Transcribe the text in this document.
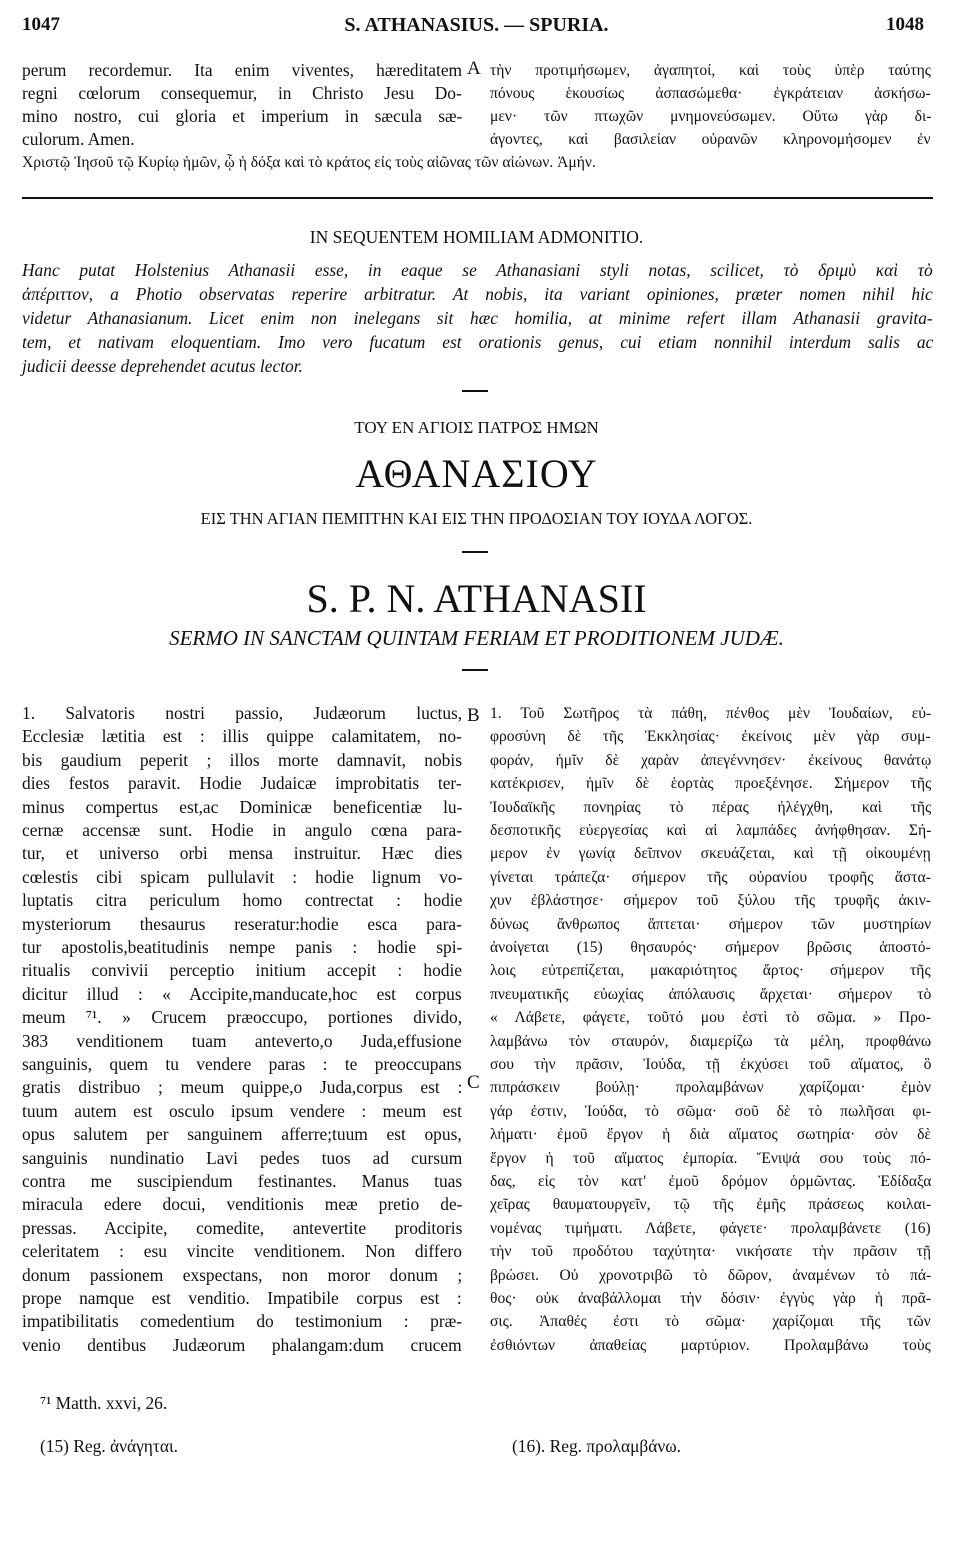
1047	S. ATHANASIUS. — SPURIA.	1048
perum recordemur. Ita enim viventes, hæreditatem
regni cœlorum consequemur, in Christo Jesu Do-
mino nostro, cui gloria et imperium in sæcula sæ-
culorum. Amen.
A τὴν προτιμήσωμεν, ἀγαπητοί, καὶ τοὺς ὑπὲρ ταύτης
πόνους ἑκουσίως ἀσπασώμεθα· ἐγκράτειαν ἀσκήσω-
μεν· τῶν πτωχῶν μνημονεύσωμεν. Οὕτω γὰρ δι-
άγοντες, καὶ βασιλείαν οὐρανῶν κληρονομήσομεν ἐν
Χριστῷ Ἰησοῦ τῷ Κυρίῳ ἡμῶν, ᾧ ἡ δόξα καὶ τὸ κράτος εἰς τοὺς αἰῶνας τῶν αἰώνων. Ἀμήν.
IN SEQUENTEM HOMILIAM ADMONITIO.
Hanc putat Holstenius Athanasii esse, in eaque se Athanasiani styli notas, scilicet, τὸ δριμὺ καὶ τὸ
ἀπέριττον, a Photio observatas reperire arbitratur. At nobis, ita variant opiniones, præter nomen nihil hic
videtur Athanasianum. Licet enim non inelegans sit hæc homilia, at minime refert illam Athanasii gravita-
tem, et nativam eloquentiam. Imo vero fucatum est orationis genus, cui etiam nonnihil interdum salis ac
judicii deesse deprehendet acutus lector.
ΤΟΥ ΕΝ ΑΓΙΟΙΣ ΠΑΤΡΟΣ ΗΜΩΝ
ΑΘΑΝΑΣΙΟΥ
ΕΙΣ ΤΗΝ ΑΓΙΑΝ ΠΕΜΠΤΗΝ ΚΑΙ ΕΙΣ ΤΗΝ ΠΡΟΔΟΣΙΑΝ ΤΟΥ ΙΟΥΔΑ ΛΟΓΟΣ.
S. P. N. ATHANASII
SERMO IN SANCTAM QUINTAM FERIAM ET PRODITIONEM JUDÆ.
1. Salvatoris nostri passio, Judæorum luctus,
Ecclesiæ lætitia est : illis quippe calamitatem, no-
bis gaudium peperit ; illos morte damnavit, nobis
dies festos paravit. Hodie Judaicæ improbitatis ter-
minus compertus est,ac Dominicæ beneficentiæ lu-
cernæ accensæ sunt. Hodie in angulo cœna para-
tur, et universo orbi mensa instruitur. Hæc dies
cœlestis cibi spicam pullulavit : hodie lignum vo-
luptatis citra periculum homo contrectat : hodie
mysteriorum thesaurus reseratur:hodie esca para-
tur apostolis,beatitudinis nempe panis : hodie spi-
ritualis convivii perceptio initium accepit : hodie
dicitur illud : « Accipite,manducate,hoc est corpus
meum ⁷¹. » Crucem præoccupo, portiones divido,
383 venditionem tuam anteverto,o Juda,effusione
sanguinis, quem tu vendere paras : te preoccupans
gratis distribuo ; meum quippe,o Juda,corpus est :
tuum autem est osculo ipsum vendere : meum est
opus salutem per sanguinem afferre;tuum est opus,
sanguinis nundinatio Lavi pedes tuos ad cursum
contra me suscipiendum festinantes. Manus tuas
miracula edere docui, venditionis meæ pretio de-
pressas. Accipite, comedite, antevertite proditoris
celeritatem : esu vincite venditionem. Non differo
donum passionem exspectans, non moror donum ;
prope namque est venditio. Impatibile corpus est :
impatibilitatis comedentium do testimonium : præ-
venio dentibus Judæorum phalangam:dum crucem
B
C
1. Τοῦ Σωτῆρος τὰ πάθη, πένθος μὲν Ἰουδαίων, εὐ-
φροσύνη δὲ τῆς Ἐκκλησίας· ἐκείνοις μὲν γὰρ συμ-
φοράν, ἡμῖν δὲ χαρὰν ἀπεγέννησεν· ἐκείνους θανάτῳ
κατέκρισεν, ἡμῖν δὲ ἑορτὰς προεξένησε. Σήμερον τῆς
Ἰουδαϊκῆς πονηρίας τὸ πέρας ἠλέγχθη, καὶ τῆς
δεσποτικῆς εὐεργεσίας καὶ αἱ λαμπάδες ἀνήφθησαν. Σή-
μερον ἐν γωνίᾳ δεῖπνον σκευάζεται, καὶ τῇ οἰκουμένῃ
γίνεται τράπεζα· σήμερον τῆς οὐρανίου τροφῆς ἄστα-
χυν ἐβλάστησε· σήμερον τοῦ ξύλου τῆς τρυφῆς ἀκιν-
δύνως ἄνθρωπος ἅπτεται· σήμερον τῶν μυστηρίων
ἀνοίγεται (15) θησαυρός· σήμερον βρῶσις ἀποστό-
λοις εὐτρεπίζεται, μακαριότητος ἄρτος· σήμερον τῆς
πνευματικῆς εὐωχίας ἀπόλαυσις ἄρχεται· σήμερον τὸ
« Λάβετε, φάγετε, τοῦτό μου ἐστὶ τὸ σῶμα. » Προ-
λαμβάνω τὸν σταυρόν, διαμερίζω τὰ μέλη, προφθάνω
σου τὴν πρᾶσιν, Ἰούδα, τῇ ἐκχύσει τοῦ αἵματος, ὃ
πιπράσκειν βούλῃ· προλαμβάνων χαρίζομαι· ἐμὸν
γάρ ἐστιν, Ἰούδα, τὸ σῶμα· σοῦ δὲ τὸ πωλῆσαι φι-
λήματι· ἐμοῦ ἔργον ἡ διὰ αἵματος σωτηρία· σὸν δὲ
ἔργον ἡ τοῦ αἵματος ἐμπορία. Ἔνιψά σου τοὺς πό-
δας, εἰς τὸν κατ' ἐμοῦ δρόμον ὁρμῶντας. Ἐδίδαξα
χεῖρας θαυματουργεῖν, τῷ τῆς ἐμῆς πράσεως κοιλαι-
νομένας τιμήματι. Λάβετε, φάγετε· προλαμβάνετε (16)
τὴν τοῦ προδότου ταχύτητα· νικήσατε τὴν πρᾶσιν τῇ
βρώσει. Οὐ χρονοτριβῶ τὸ δῶρον, ἀναμένων τὸ πά-
θος· οὐκ ἀναβάλλομαι τὴν δόσιν· ἐγγὺς γὰρ ἡ πρᾶ-
σις. Ἀπαθές ἐστι τὸ σῶμα· χαρίζομαι τῆς τῶν
ἐσθιόντων ἀπαθείας μαρτύριον. Προλαμβάνω τοὺς
⁷¹ Matth. xxvi, 26.
(15) Reg. ἀνάγηται.	(16). Reg. προλαμβάνω.
